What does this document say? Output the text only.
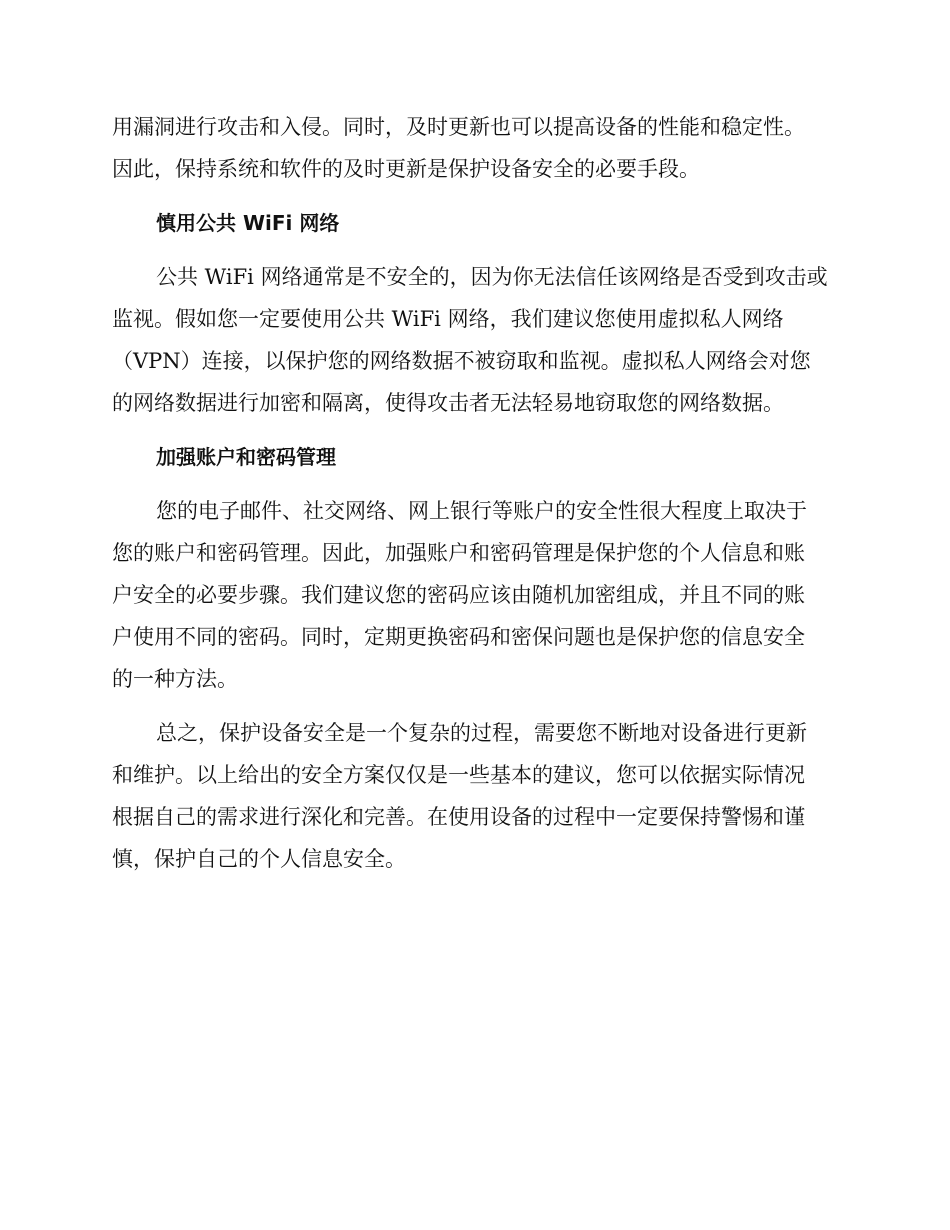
用漏洞进行攻击和入侵。同时，及时更新也可以提高设备的性能和稳定性。
因此，保持系统和软件的及时更新是保护设备安全的必要手段。
慎用公共 WiFi 网络
公共 WiFi 网络通常是不安全的，因为你无法信任该网络是否受到攻击或
监视。假如您一定要使用公共 WiFi 网络，我们建议您使用虚拟私人网络
（VPN）连接，以保护您的网络数据不被窃取和监视。虚拟私人网络会对您
的网络数据进行加密和隔离，使得攻击者无法轻易地窃取您的网络数据。
加强账户和密码管理
您的电子邮件、社交网络、网上银行等账户的安全性很大程度上取决于
您的账户和密码管理。因此，加强账户和密码管理是保护您的个人信息和账
户安全的必要步骤。我们建议您的密码应该由随机加密组成，并且不同的账
户使用不同的密码。同时，定期更换密码和密保问题也是保护您的信息安全
的一种方法。
总之，保护设备安全是一个复杂的过程，需要您不断地对设备进行更新
和维护。以上给出的安全方案仅仅是一些基本的建议，您可以依据实际情况
根据自己的需求进行深化和完善。在使用设备的过程中一定要保持警惕和谨
慎，保护自己的个人信息安全。
